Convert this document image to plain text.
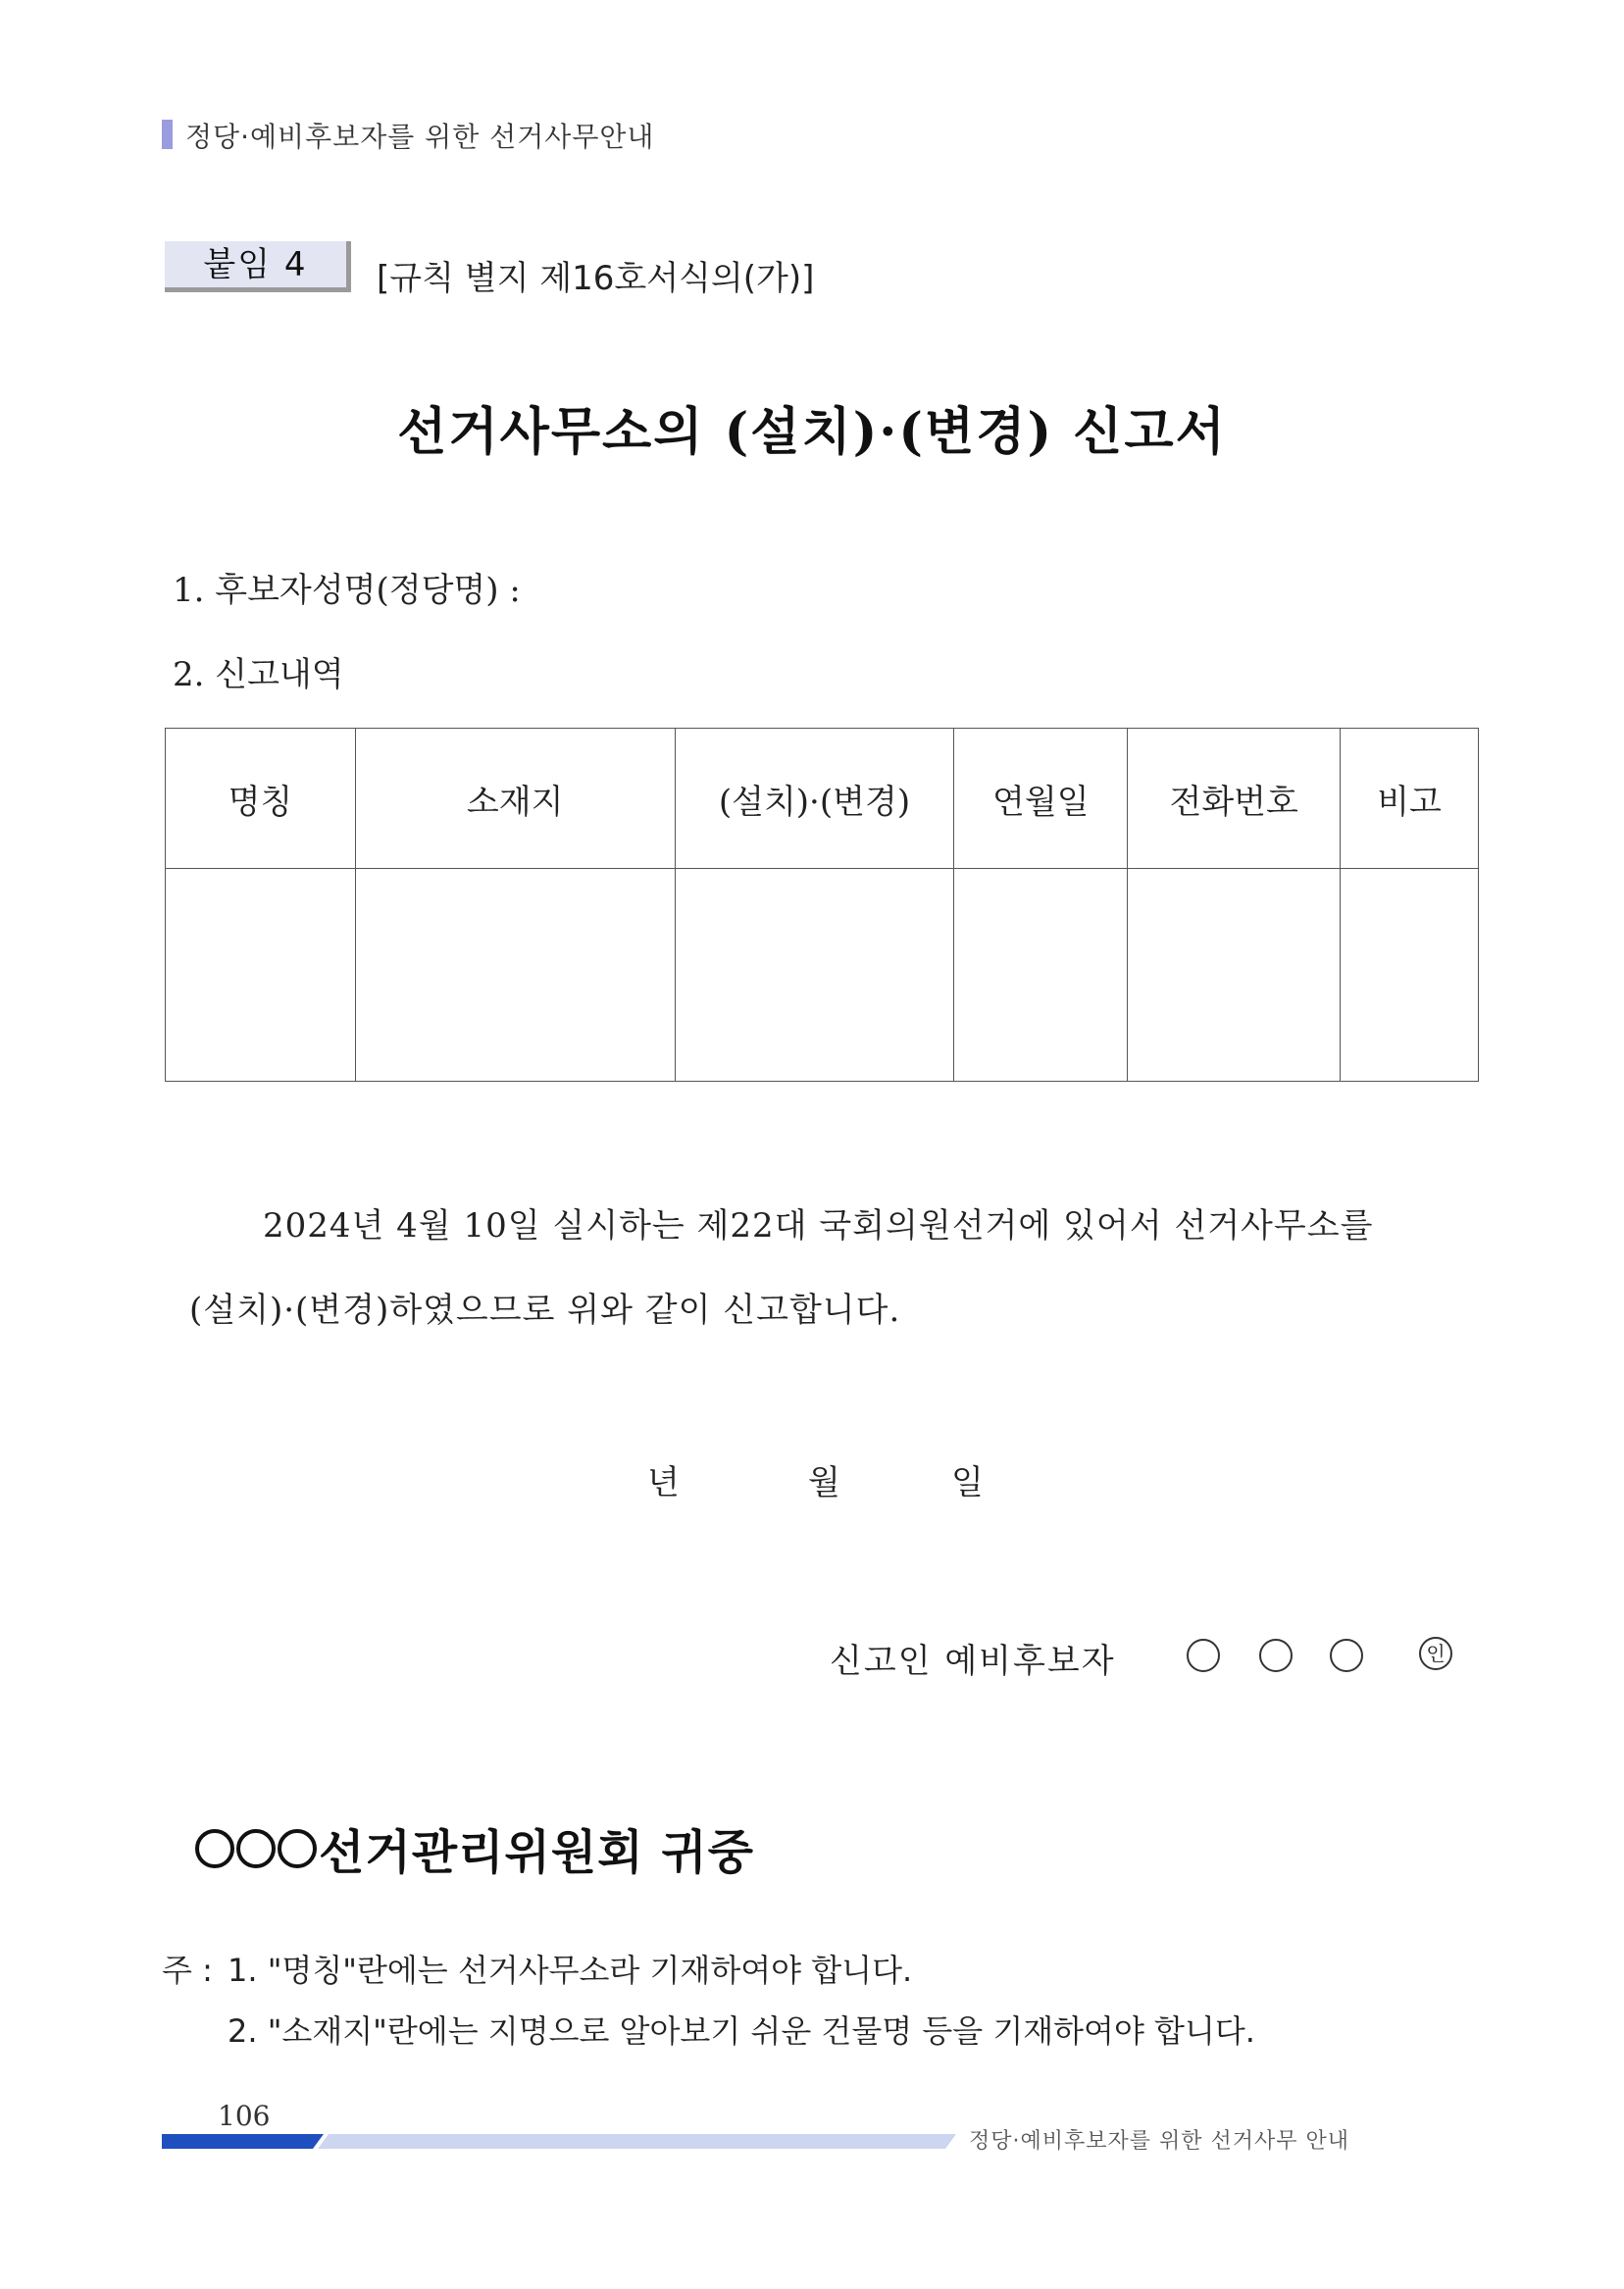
정당·예비후보자를 위한 선거사무안내
붙임 4	[규칙 별지 제16호서식의(가)]
선거사무소의 (설치)·(변경) 신고서
1. 후보자성명(정당명) :
2. 신고내역
명칭	소재지	(설치)·(변경)	연월일	전화번호	비고

2024년 4월 10일 실시하는 제22대 국회의원선거에 있어서 선거사무소를
(설치)·(변경)하였으므로 위와 같이 신고합니다.
년	월	일
신고인 예비후보자	인
선거관리위원회 귀중
주 : 1. "명칭"란에는 선거사무소라 기재하여야 합니다.
2. "소재지"란에는 지명으로 알아보기 쉬운 건물명 등을 기재하여야 합니다.
106
정당·예비후보자를 위한 선거사무 안내
